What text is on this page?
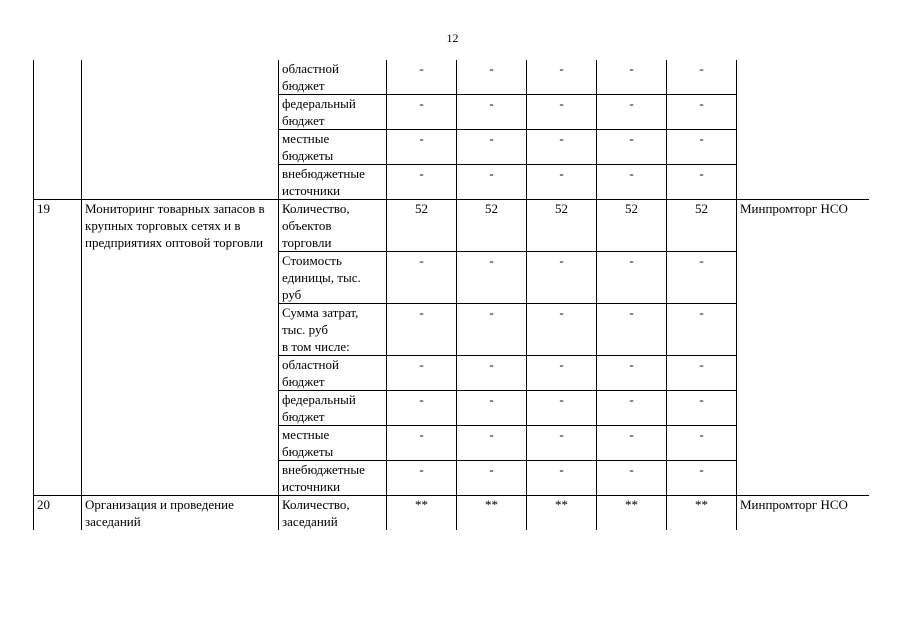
12
		областной
бюджет	-	-	-	-	-	
		федеральный
бюджет	-	-	-	-	-	
		местные
бюджеты	-	-	-	-	-	
		внебюджетные
источники	-	-	-	-	-	
19	Мониторинг товарных запасов в крупных торговых сетях и в предприятиях оптовой торговли	Количество,
объектов
торговли	52	52	52	52	52	Минпромторг НСО
		Стоимость
единицы, тыс.
руб	-	-	-	-	-	
		Сумма затрат,
тыс. руб
в том числе:	-	-	-	-	-	
		областной
бюджет	-	-	-	-	-	
		федеральный
бюджет	-	-	-	-	-	
		местные
бюджеты	-	-	-	-	-	
		внебюджетные
источники	-	-	-	-	-	
20	Организация и проведение заседаний	Количество,
заседаний	**	**	**	**	**	Минпромторг НСО
